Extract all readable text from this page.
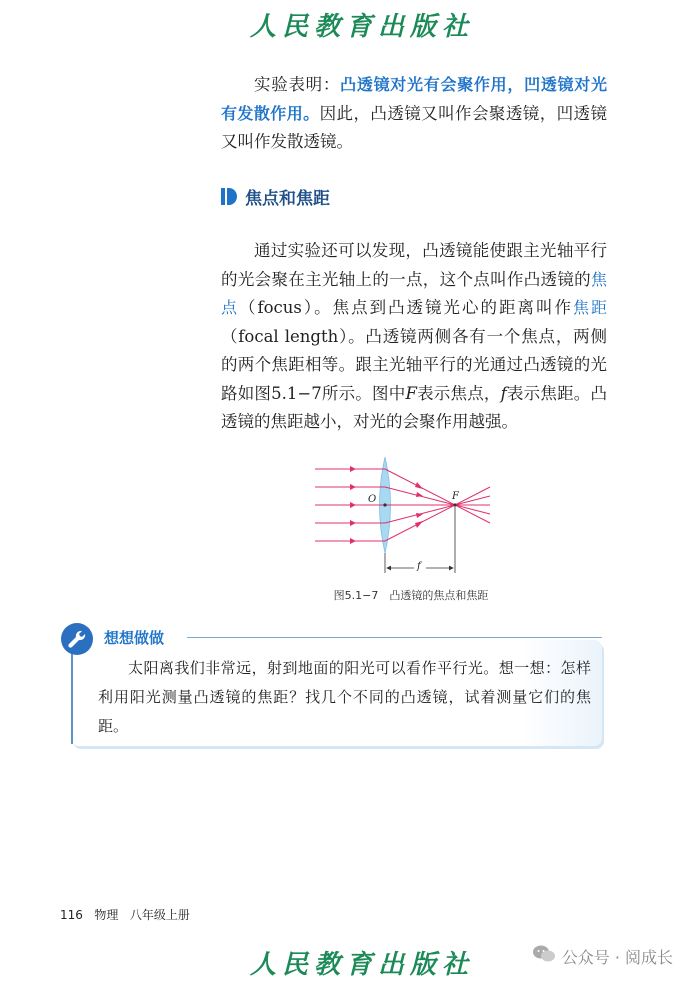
人民教育出版社

实验表明：凸透镜对光有会聚作用，凹透镜对光有发散作用。因此，凸透镜又叫作会聚透镜，凹透镜又叫作发散透镜。

焦点和焦距

通过实验还可以发现，凸透镜能使跟主光轴平行的光会聚在主光轴上的一点，这个点叫作凸透镜的焦点（focus）。焦点到凸透镜光心的距离叫作焦距（focal length）。凸透镜两侧各有一个焦点，两侧的两个焦距相等。跟主光轴平行的光通过凸透镜的光路如图5.1−7所示。图中F表示焦点，f表示焦距。凸透镜的焦距越小，对光的会聚作用越强。

O	F
f
图5.1−7　凸透镜的焦点和焦距
想想做做

太阳离我们非常远，射到地面的阳光可以看作平行光。想一想：怎样利用阳光测量凸透镜的焦距？找几个不同的凸透镜，试着测量它们的焦距。

116 物理 八年级上册
人民教育出版社	公众号 · 阅成长
